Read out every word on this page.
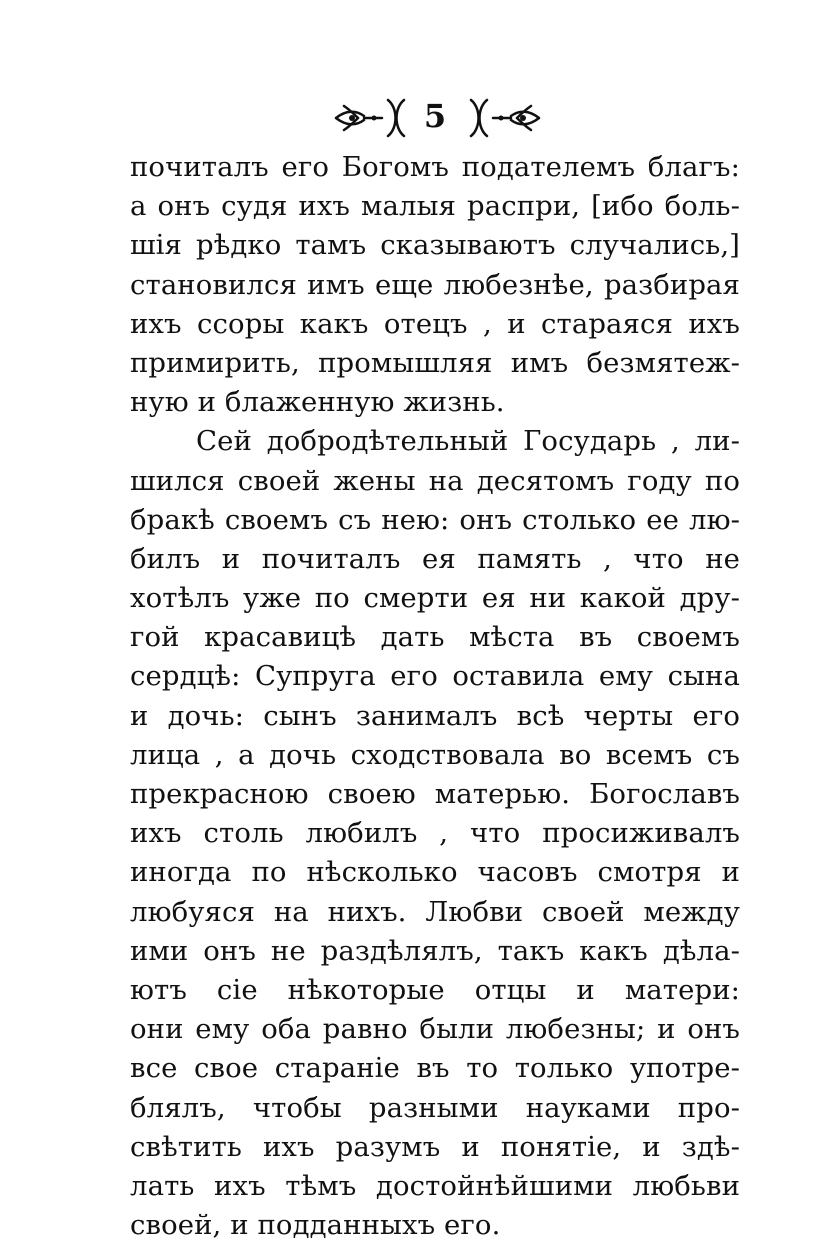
5
почиталъ его Богомъ подателемъ благъ:
а онъ судя ихъ малыя распри, [ибо боль-
шія рѣдко тамъ сказываютъ случались,]
становился имъ еще любезнѣе, разбирая
ихъ ссоры какъ отецъ , и стараяся ихъ
примирить, промышляя имъ безмятеж-
ную и блаженную жизнь.
Сей добродѣтельный Государь , ли-
шился своей жены на десятомъ году по
бракѣ своемъ съ нею: онъ столько ее лю-
билъ и почиталъ ея память , что не
хотѣлъ уже по смерти ея ни какой дру-
гой красавицѣ дать мѣста въ своемъ
сердцѣ: Супруга его оставила ему сына
и дочь: сынъ занималъ всѣ черты его
лица , а дочь сходствовала во всемъ съ
прекрасною своею матерью. Богославъ
ихъ столь любилъ , что просиживалъ
иногда по нѣсколько часовъ смотря и
любуяся на нихъ. Любви своей между
ими онъ не раздѣлялъ, такъ какъ дѣла-
ютъ сіе нѣкоторые отцы и матери:
они ему оба равно были любезны; и онъ
все свое стараніе въ то только употре-
блялъ, чтобы разными науками про-
свѣтить ихъ разумъ и понятіе, и здѣ-
лать ихъ тѣмъ достойнѣйшими любьви
своей, и подданныхъ его.
